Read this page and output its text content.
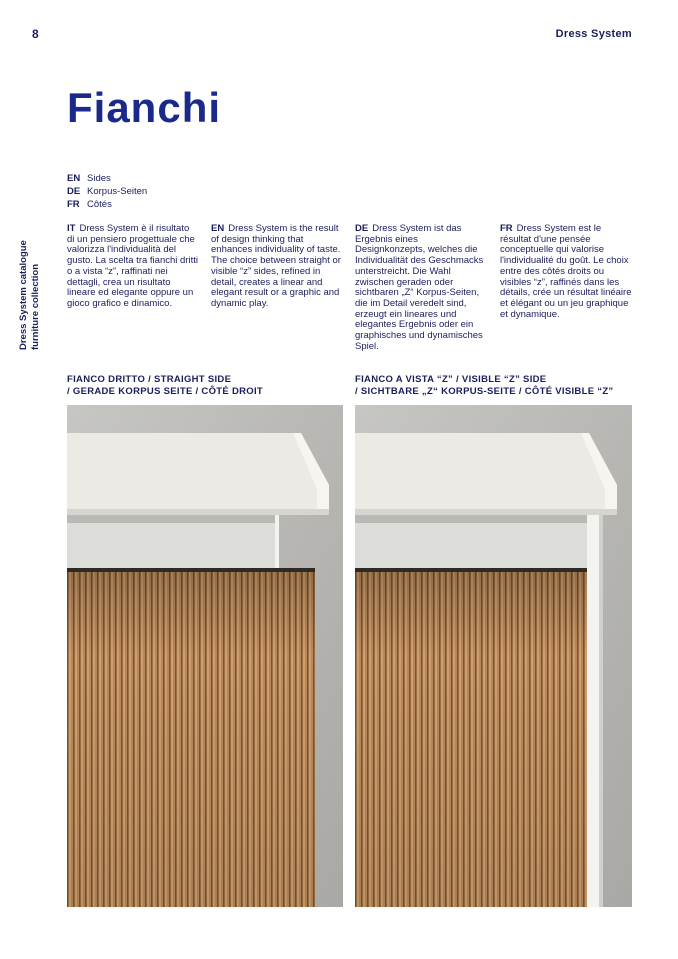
8	Dress System
Dress System catalogue furniture collection
Fianchi
EN Sides
DE Korpus-Seiten
FR Côtés
IT Dress System è il risultato di un pensiero progettuale che valorizza l'individualità del gusto. La scelta tra fianchi dritti o a vista “z”, raffinati nei dettagli, crea un risultato lineare ed elegante oppure un gioco grafico e dinamico.
EN Dress System is the result of design thinking that enhances individuality of taste. The choice between straight or visible “z” sides, refined in detail, creates a linear and elegant result or a graphic and dynamic play.
DE Dress System ist das Ergebnis eines Designkonzepts, welches die Individualität des Geschmacks unterstreicht. Die Wahl zwischen geraden oder sichtbaren „Z“ Korpus-Seiten, die im Detail veredelt sind, erzeugt ein lineares und elegantes Ergebnis oder ein graphisches und dynamisches Spiel.
FR Dress System est le résultat d'une pensée conceptuelle qui valorise l'individualité du goût. Le choix entre des côtés droits ou visibles “z”, raffinés dans les détails, crée un résultat linéaire et élégant ou un jeu graphique et dynamique.
FIANCO DRITTO / STRAIGHT SIDE
/ GERADE KORPUS SEITE / CÔTÉ DROIT
FIANCO A VISTA “Z” / VISIBLE “Z” SIDE
/ SICHTBARE „Z“ KORPUS-SEITE / CÔTÉ VISIBLE “Z”
